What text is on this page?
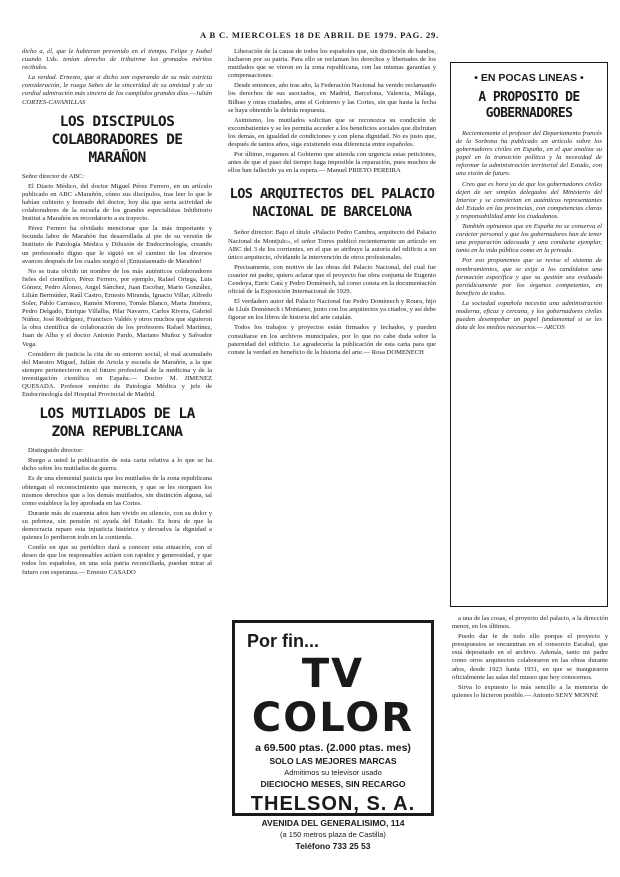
A B C. MIERCOLES 18 DE ABRIL DE 1979. PAG. 29.

dicho a, él, que le hubieran prevenido en el tiempo. Felipe y Isabel cuando Uds. tenían derecho de tribuirme los gronados méritos recibidos.

La verdad. Ernesto, que si dicho son esperando de su más estricta consideración, le ruega Sabes de la sinceridad de su amistad y de su cordial admiración más sincera de los cumplidos grandes días.—Julián CORTES-CAVANILLAS

LOS DISCIPULOS COLABORADORES DE MARAÑON

Señor director de ABC:

El Diario Médico, del doctor Miguel Pérez Ferrero, en un artículo publicado en ABC «Marañón, cómo sus discípulos, tras leer lo que le habían cubierto y honrado del doctor, hoy día que seria actividad de colaboradores de la escuela de los grandes especialistas Inhibitorio Institut a Marañón en recordatorio a su trayecto.

Pérez Ferrero ha olvidado mencionar que la más importante y fecunda labor de Marañón fue desarrollada al pie de su versión de Instituto de Patología Médica y Difusión de Endocrinología, creando un profesorado digno que le siguió en el camino de los diversos avances después de los cuales surgió el ¡Entusiasmado de Marañón!

No se trata olvido un nombre de los más auténticos colaboradores fieles del científico, Pérez Ferrero, por ejemplo, Rafael Ortega, Luis Gómez, Pedro Alonso, Angel Sánchez, Juan Escobar, Mario González, Lilián Bermúdez, Raúl Castro, Ernesto Miranda, Ignacio Villar, Alfredo Soler, Pablo Carrasco, Ramón Moreno, Tomás Blanco, Marta Jiménez, Pedro Delgado, Enrique Villalba, Pilar Navarro, Carlos Rivera, Gabriel Núñez, José Rodríguez, Francisco Valdés y otros muchos que siguieron la obra científica de colaboración de los profesores Rafael Martínez, Juan de Alba y el doctor Antonio Pardo, Mariano Muñoz y Salvador Vega.

Considero de justicia la cita de su entorno social, el mal acumulado del Maestro Miguel, Julián de Artola y escuela de Marañón, a la que siempre pertenecieron en el futuro profesional de la medicina y de la investigación científica en España.— Doctor M. JIMENEZ QUESADA. Profesor emérito de Patología Médica y jefe de Endocrinología del Hospital Provincial de Madrid.

LOS MUTILADOS DE LA ZONA REPUBLICANA

Distinguido director:

Ruego a usted la publicación de esta carta relativa a lo que se ha dicho sobre los mutilados de guerra.

Es de una elemental justicia que los mutilados de la zona republicana obtengan el reconocimiento que merecen, y que se les otorguen los mismos derechos que a los demás mutilados, sin distinción alguna, tal como establece la ley aprobada en las Cortes.

Durante más de cuarenta años han vivido en silencio, con su dolor y su pobreza, sin pensión ni ayuda del Estado. Es hora de que la democracia repare esta injusticia histórica y devuelva la dignidad a quienes lo perdieron todo en la contienda.

Confío en que su periódico dará a conocer esta situación, con el deseo de que los responsables actúen con rapidez y generosidad, y que todos los españoles, en una sola patria reconciliada, puedan mirar al futuro con esperanza.— Ernesto CASADO

Liberación de la causa de todos los españoles que, sin distinción de bandos, lucharon por su patria. Para ello se reclaman los derechos y libertades de los mutilados que se vieron en la zona republicana, con las mismas garantías y compensaciones.

Desde entonces, año tras año, la Federación Nacional ha venido reclamando los derechos de sus asociados, en Madrid, Barcelona, Valencia, Málaga, Bilbao y otras ciudades, ante el Gobierno y las Cortes, sin que hasta la fecha se haya obtenido la debida respuesta.

Asimismo, los mutilados solicitan que se reconozca su condición de excombatientes y se les permita acceder a los beneficios sociales que disfrutan los demás, en igualdad de condiciones y con plena dignidad. No es justo que, después de tantos años, siga existiendo esta diferencia entre españoles.

Por último, rogamos al Gobierno que atienda con urgencia estas peticiones, antes de que el paso del tiempo haga imposible la reparación, pues muchos de ellos han fallecido ya en la espera.— Manuel PRIETO PEREIRA

LOS ARQUITECTOS DEL PALACIO NACIONAL DE BARCELONA

Señor director: Bajo el título «Palacio Pedro Cambra, arquitecto del Palacio Nacional de Montjuïc», el señor Torres publicó recientemente un artículo en ABC del 3 de los corrientes, en el que se atribuye la autoría del edificio a un único arquitecto, olvidando la intervención de otros profesionales.

Precisamente, con motivo de las obras del Palacio Nacional, del cual fue coautor mi padre, quiero aclarar que el proyecto fue obra conjunta de Eugenio Cendoya, Enric Catà y Pedro Domènech, tal como consta en la documentación oficial de la Exposición Internacional de 1929.

El verdadero autor del Palacio Nacional fue Pedro Domènech y Roura, hijo de Lluís Domènech i Montaner, junto con los arquitectos ya citados, y así debe figurar en los libros de historia del arte catalán.

Todos los trabajos y proyectos están firmados y fechados, y pueden consultarse en los archivos municipales, por lo que no cabe duda sobre la paternidad del edificio. Le agradecería la publicación de esta carta para que conste la verdad en beneficio de la historia del arte.— Rosa DOMENECH

Por fin...
TV COLOR
a 69.500 ptas. (2.000 ptas. mes)
SOLO LAS MEJORES MARCAS
Admitimos su televisor usado
DIECIOCHO MESES, SIN RECARGO
THELSON, S. A.
AVENIDA DEL GENERALISIMO, 114
(a 150 metros plaza de Castilla)
Teléfono 733 25 53
• EN POCAS LINEAS •
A PROPOSITO DE GOBERNADORES

Recientemente el profesor del Departamento francés de la Sorbona ha publicado un artículo sobre los gobernadores civiles en España, en el que analiza su papel en la transición política y la necesidad de reformar la administración territorial del Estado, con una visión de futuro.

Creo que es hora ya de que los gobernadores civiles dejen de ser simples delegados del Ministerio del Interior y se conviertan en auténticos representantes del Estado en las provincias, con competencias claras y responsabilidad ante los ciudadanos.

También opinamos que en España no se conserva el carácter personal y que los gobernadores han de tener una preparación adecuada y una conducta ejemplar, tanto en la vida pública como en la privada.

Por eso proponemos que se revise el sistema de nombramientos, que se exija a los candidatos una formación específica y que su gestión sea evaluada periódicamente por los órganos competentes, en beneficio de todos.

La sociedad española necesita una administración moderna, eficaz y cercana, y los gobernadores civiles pueden desempeñar un papel fundamental si se les dota de los medios necesarios.— ARCOS

a una de las cosas, el proyecto del palacio, a la dirección menor, en los últimos.

Puedo dar fe de todo ello porque el proyecto y presupuestos se encuentran en el consorcio Escabal, que está depositado en el archivo. Además, tanto mi padre como otros arquitectos colaboraron en las obras durante años, desde 1923 hasta 1931, en que se inauguraron oficialmente las salas del museo que hoy conocemos.

Sirva lo expuesto lo más sencillo a la memoria de quienes lo hicieron posible.— Antonio SENY MONNÉ
